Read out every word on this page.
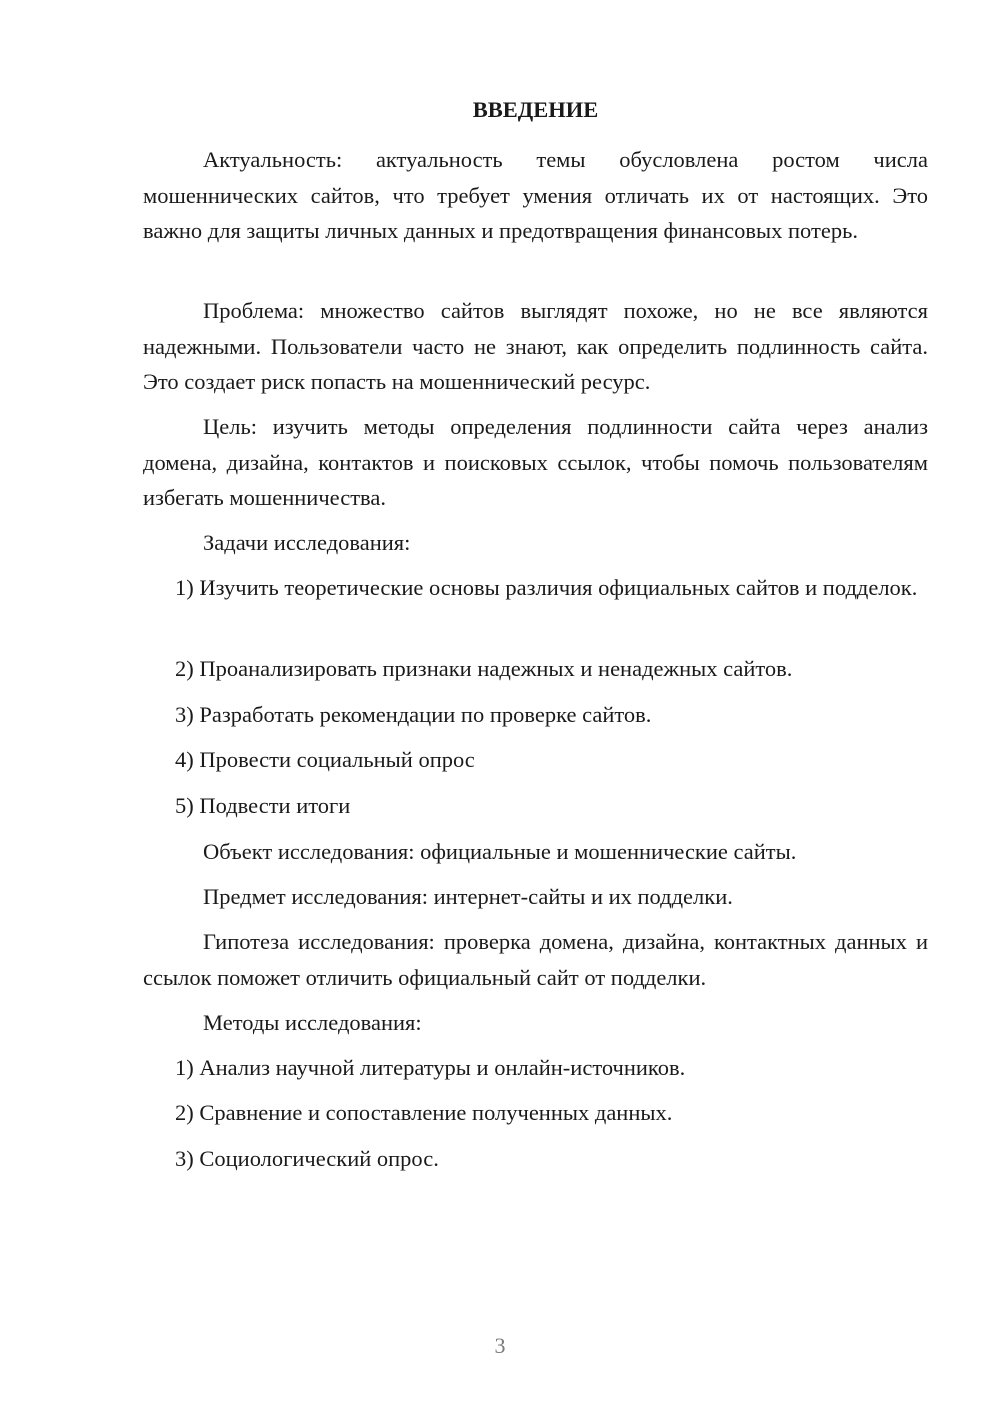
ВВЕДЕНИЕ

Актуальность: актуальность темы обусловлена ростом числа мошеннических сайтов, что требует умения отличать их от настоящих. Это важно для защиты личных данных и предотвращения финансовых потерь.

Проблема: множество сайтов выглядят похоже, но не все являются надежными. Пользователи часто не знают, как определить подлинность сайта. Это создает риск попасть на мошеннический ресурс.

Цель: изучить методы определения подлинности сайта через анализ домена, дизайна, контактов и поисковых ссылок, чтобы помочь пользователям избегать мошенничества.

Задачи исследования:

1) Изучить теоретические основы различия официальных сайтов и подделок.

2) Проанализировать признаки надежных и ненадежных сайтов.

3) Разработать рекомендации по проверке сайтов.

4) Провести социальный опрос

5) Подвести итоги

Объект исследования: официальные и мошеннические сайты.

Предмет исследования: интернет-сайты и их подделки.

Гипотеза исследования: проверка домена, дизайна, контактных данных и ссылок поможет отличить официальный сайт от подделки.

Методы исследования:

1) Анализ научной литературы и онлайн-источников.

2) Сравнение и сопоставление полученных данных.

3) Социологический опрос.

3
